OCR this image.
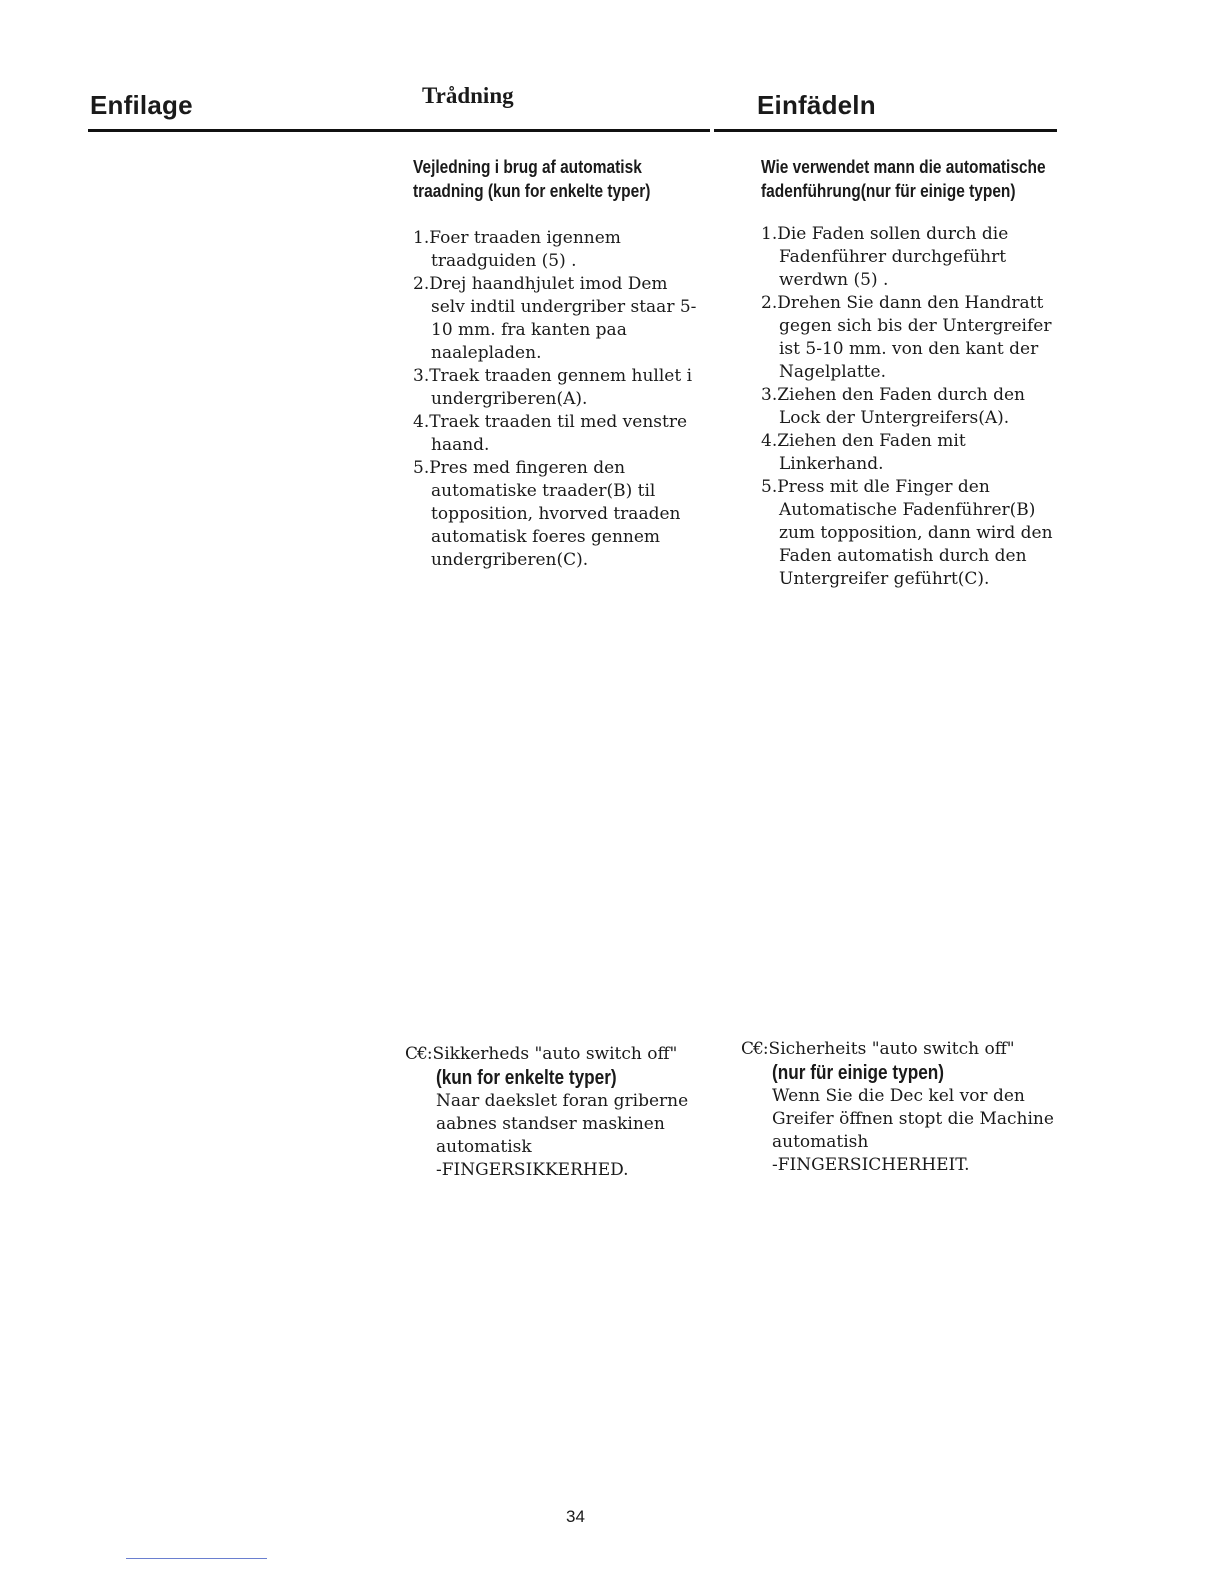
Enfilage	Trådning	Einfädeln
Vejledning i brug af automatisk
traadning (kun for enkelte typer)
1.Foer traaden igennem traadguiden (5) .
2.Drej haandhjulet imod Dem selv indtil undergriber staar 5-10 mm. fra kanten paa naalepladen.
3.Traek traaden gennem hullet i undergriberen(A).
4.Traek traaden til med venstre haand.
5.Pres med fingeren den automatiske traader(B) til topposition, hvorved traaden automatisk foeres gennem undergriberen(C).
Wie verwendet mann die automatische
fadenführung(nur für einige typen)
1.Die Faden sollen durch die Fadenführer durchgeführt werdwn (5) .
2.Drehen Sie dann den Handratt gegen sich bis der Untergreifer ist 5-10 mm. von den kant der Nagelplatte.
3.Ziehen den Faden durch den Lock der Untergreifers(A).
4.Ziehen den Faden mit Linkerhand.
5.Press mit dle Finger den Automatische Fadenführer(B) zum topposition, dann wird den Faden automatish durch den Untergreifer geführt(C).
C€:Sikkerheds "auto switch off"
(kun for enkelte typer)
Naar daekslet foran griberne aabnes standser maskinen automatisk
-FINGERSIKKERHED.
C€:Sicherheits "auto switch off"
(nur für einige typen)
Wenn Sie die Dec kel vor den Greifer öffnen stopt die Machine automatish
-FINGERSICHERHEIT.
34
